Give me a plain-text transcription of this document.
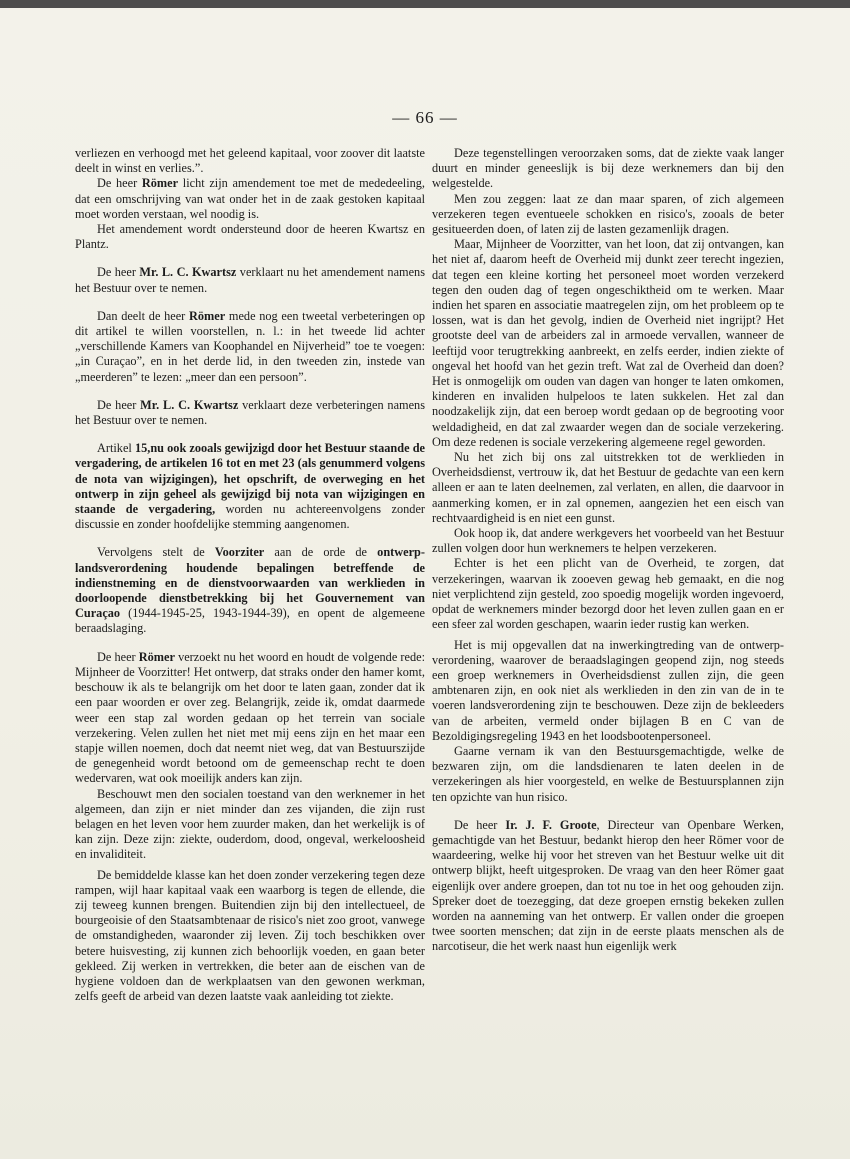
— 66 —

verliezen en verhoogd met het geleend kapitaal, voor zoover dit laatste deelt in winst en verlies.”.

De heer Römer licht zijn amendement toe met de mededeeling, dat een omschrijving van wat onder het in de zaak gestoken kapitaal moet worden verstaan, wel noodig is.

Het amendement wordt ondersteund door de heeren Kwartsz en Plantz.

De heer Mr. L. C. Kwartsz verklaart nu het amendement namens het Bestuur over te nemen.

Dan deelt de heer Römer mede nog een tweetal verbeteringen op dit artikel te willen voorstellen, n. l.: in het tweede lid achter „verschillende Kamers van Koophandel en Nijverheid” toe te voegen: „in Curaçao”, en in het derde lid, in den tweeden zin, instede van „meerderen” te lezen: „meer dan een persoon”.

De heer Mr. L. C. Kwartsz verklaart deze verbeteringen namens het Bestuur over te nemen.

Artikel 15,nu ook zooals gewijzigd door het Bestuur staande de vergadering, de artikelen 16 tot en met 23 (als genummerd volgens de nota van wijzigingen), het opschrift, de overweging en het ontwerp in zijn geheel als gewijzigd bij nota van wijzigingen en staande de vergadering, worden nu achtereenvolgens zonder discussie en zonder hoofdelijke stemming aangenomen.

Vervolgens stelt de Voorziter aan de orde de ontwerp-landsverordening houdende bepalingen betreffende de indienstneming en de dienstvoorwaarden van werklieden in doorloopende dienstbetrekking bij het Gouvernement van Curaçao (1944-1945-25, 1943-1944-39), en opent de algemeene beraadslaging.

De heer Römer verzoekt nu het woord en houdt de volgende rede: Mijnheer de Voorzitter! Het ontwerp, dat straks onder den hamer komt, beschouw ik als te belangrijk om het door te laten gaan, zonder dat ik een paar woorden er over zeg. Belangrijk, zeide ik, omdat daarmede weer een stap zal worden gedaan op het terrein van sociale verzekering. Velen zullen het niet met mij eens zijn en het maar een stapje willen noemen, doch dat neemt niet weg, dat van Bestuurszijde de genegenheid wordt betoond om de gemeenschap recht te doen wedervaren, wat ook moeilijk anders kan zijn.

Beschouwt men den socialen toestand van den werknemer in het algemeen, dan zijn er niet minder dan zes vijanden, die zijn rust belagen en het leven voor hem zuurder maken, dan het werkelijk is of kan zijn. Deze zijn: ziekte, ouderdom, dood, ongeval, werkeloosheid en invaliditeit.

De bemiddelde klasse kan het doen zonder verzekering tegen deze rampen, wijl haar kapitaal vaak een waarborg is tegen de ellende, die zij teweeg kunnen brengen. Buitendien zijn bij den intellectueel, de bourgeoisie of den Staatsambtenaar de risico's niet zoo groot, vanwege de omstandigheden, waaronder zij leven. Zij toch beschikken over betere huisvesting, zij kunnen zich behoorlijk voeden, en gaan beter gekleed. Zij werken in vertrekken, die beter aan de eischen van de hygiene voldoen dan de werkplaatsen van den gewonen werkman, zelfs geeft de arbeid van dezen laatste vaak aanleiding tot ziekte.

Deze tegenstellingen veroorzaken soms, dat de ziekte vaak langer duurt en minder geneeslijk is bij deze werknemers dan bij den welgestelde.

Men zou zeggen: laat ze dan maar sparen, of zich algemeen verzekeren tegen eventueele schokken en risico's, zooals de beter gesitueerden doen, of laten zij de lasten gezamenlijk dragen.

Maar, Mijnheer de Voorzitter, van het loon, dat zij ontvangen, kan het niet af, daarom heeft de Overheid mij dunkt zeer terecht ingezien, dat tegen een kleine korting het personeel moet worden verzekerd tegen den ouden dag of tegen ongeschiktheid om te werken. Maar indien het sparen en associatie maatregelen zijn, om het probleem op te lossen, wat is dan het gevolg, indien de Overheid niet ingrijpt? Het grootste deel van de arbeiders zal in armoede vervallen, wanneer de leeftijd voor terugtrekking aanbreekt, en zelfs eerder, indien ziekte of ongeval het hoofd van het gezin treft. Wat zal de Overheid dan doen? Het is onmogelijk om ouden van dagen van honger te laten omkomen, kinderen en invaliden hulpeloos te laten sukkelen. Het zal dan noodzakelijk zijn, dat een beroep wordt gedaan op de begrooting voor weldadigheid, en dat zal zwaarder wegen dan de sociale verzekering. Om deze redenen is sociale verzekering algemeene regel geworden.

Nu het zich bij ons zal uitstrekken tot de werklieden in Overheidsdienst, vertrouw ik, dat het Bestuur de gedachte van een kern alleen er aan te laten deelnemen, zal verlaten, en allen, die daarvoor in aanmerking komen, er in zal opnemen, aangezien het een eisch van rechtvaardigheid is en niet een gunst.

Ook hoop ik, dat andere werkgevers het voorbeeld van het Bestuur zullen volgen door hun werknemers te helpen verzekeren.

Echter is het een plicht van de Overheid, te zorgen, dat verzekeringen, waarvan ik zooeven gewag heb gemaakt, en die nog niet verplichtend zijn gesteld, zoo spoedig mogelijk worden ingevoerd, opdat de werknemers minder bezorgd door het leven zullen gaan en er een sfeer zal worden geschapen, waarin ieder rustig kan werken.

Het is mij opgevallen dat na inwerkingtreding van de ontwerp-verordening, waarover de beraadslagingen geopend zijn, nog steeds een groep werknemers in Overheidsdienst zullen zijn, die geen ambtenaren zijn, en ook niet als werklieden in den zin van de in te voeren landsverordening zijn te beschouwen. Deze zijn de bekleeders van de arbeiten, vermeld onder bijlagen B en C van de Bezoldigingsregeling 1943 en het loodsbootenpersoneel.

Gaarne vernam ik van den Bestuursgemachtigde, welke de bezwaren zijn, om die landsdienaren te laten deelen in de verzekeringen als hier voorgesteld, en welke de Bestuursplannen zijn ten opzichte van hun risico.

De heer Ir. J. F. Groote, Directeur van Openbare Werken, gemachtigde van het Bestuur, bedankt hierop den heer Römer voor de waardeering, welke hij voor het streven van het Bestuur welke uit dit ontwerp blijkt, heeft uitgesproken. De vraag van den heer Römer gaat eigenlijk over andere groepen, dan tot nu toe in het oog gehouden zijn. Spreker doet de toezegging, dat deze groepen ernstig bekeken zullen worden na aanneming van het ontwerp. Er vallen onder die groepen twee soorten menschen; dat zijn in de eerste plaats menschen als de narcotiseur, die het werk naast hun eigenlijk werk
